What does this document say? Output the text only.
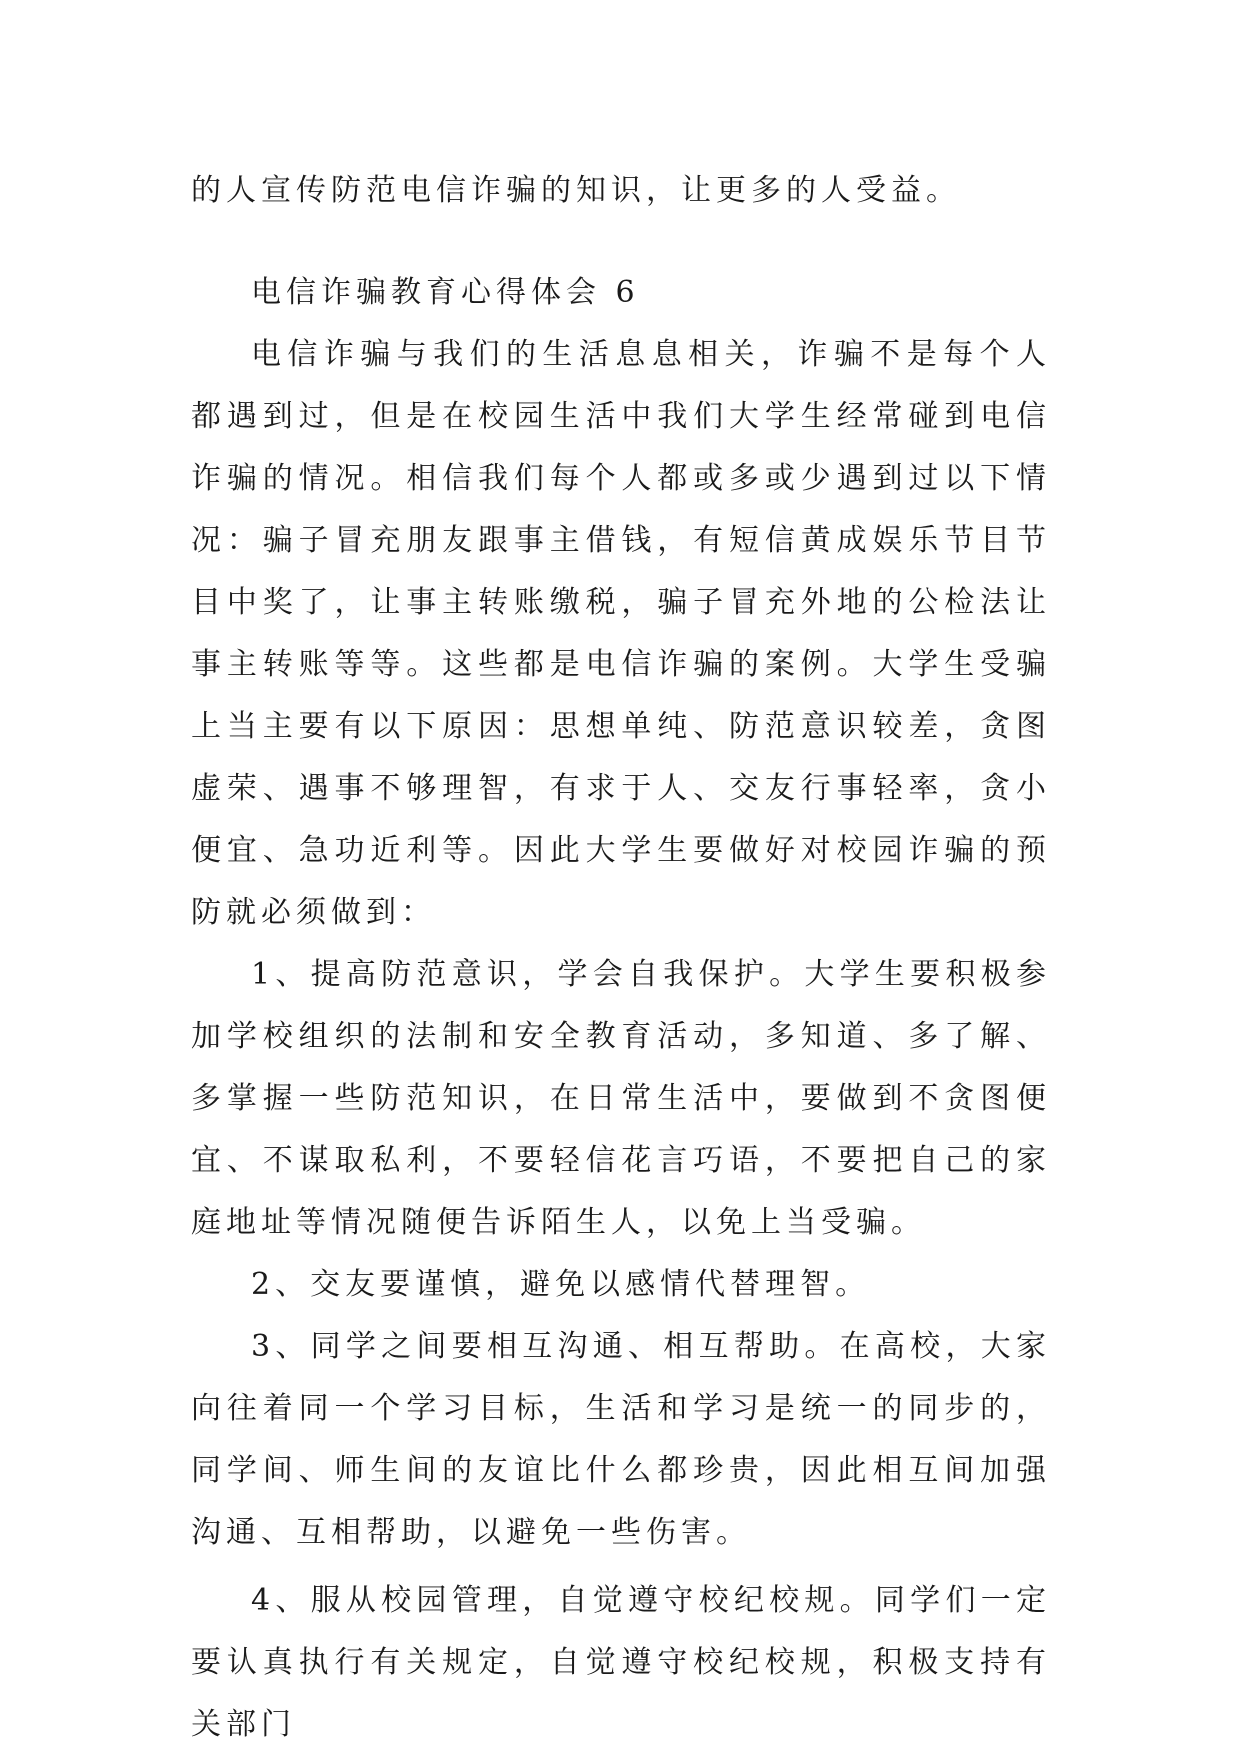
的人宣传防范电信诈骗的知识，让更多的人受益。

电信诈骗教育心得体会 6

电信诈骗与我们的生活息息相关，诈骗不是每个人都遇到过，但是在校园生活中我们大学生经常碰到电信诈骗的情况。相信我们每个人都或多或少遇到过以下情况：骗子冒充朋友跟事主借钱，有短信黄成娱乐节目节目中奖了，让事主转账缴税，骗子冒充外地的公检法让事主转账等等。这些都是电信诈骗的案例。大学生受骗上当主要有以下原因：思想单纯、防范意识较差，贪图虚荣、遇事不够理智，有求于人、交友行事轻率，贪小便宜、急功近利等。因此大学生要做好对校园诈骗的预防就必须做到：

1、提高防范意识，学会自我保护。大学生要积极参加学校组织的法制和安全教育活动，多知道、多了解、多掌握一些防范知识，在日常生活中，要做到不贪图便宜、不谋取私利，不要轻信花言巧语，不要把自己的家庭地址等情况随便告诉陌生人，以免上当受骗。

2、交友要谨慎，避免以感情代替理智。

3、同学之间要相互沟通、相互帮助。在高校，大家向往着同一个学习目标，生活和学习是统一的同步的，同学间、师生间的友谊比什么都珍贵，因此相互间加强沟通、互相帮助，以避免一些伤害。

4、服从校园管理，自觉遵守校纪校规。同学们一定要认真执行有关规定，自觉遵守校纪校规，积极支持有关部门
